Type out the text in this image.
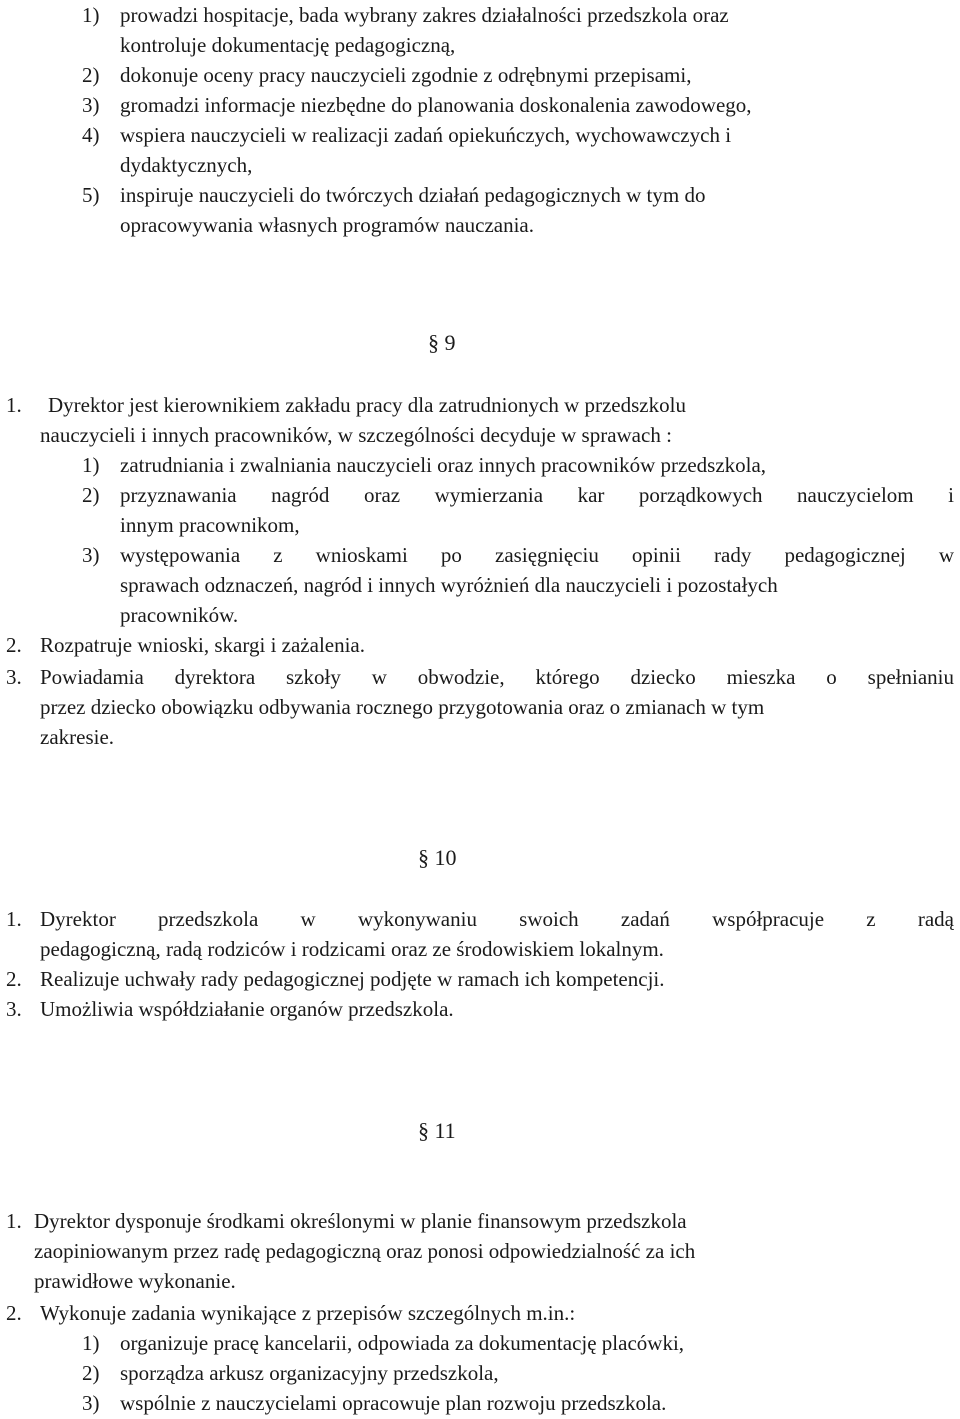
1) prowadzi hospitacje, bada wybrany zakres działalności przedszkola oraz
kontroluje dokumentację pedagogiczną,
2) dokonuje oceny pracy nauczycieli zgodnie z odrębnymi przepisami,
3) gromadzi informacje niezbędne do planowania doskonalenia zawodowego,
4) wspiera nauczycieli w realizacji zadań opiekuńczych, wychowawczych i
dydaktycznych,
5) inspiruje nauczycieli do twórczych działań pedagogicznych w tym do
opracowywania własnych programów nauczania.
§ 9
1. Dyrektor jest kierownikiem zakładu pracy dla zatrudnionych w przedszkolu
nauczycieli i innych pracowników, w szczególności decyduje w sprawach :
1) zatrudniania i zwalniania nauczycieli oraz innych pracowników przedszkola,
2) przyznawania nagród oraz wymierzania kar porządkowych nauczycielom i
innym pracownikom,
3) występowania z wnioskami po zasięgnięciu opinii rady pedagogicznej w
sprawach odznaczeń, nagród i innych wyróżnień dla nauczycieli i pozostałych
pracowników.
2. Rozpatruje wnioski, skargi i zażalenia.
3. Powiadamia dyrektora szkoły w obwodzie, którego dziecko mieszka o spełnianiu
przez dziecko obowiązku odbywania rocznego przygotowania oraz o zmianach w tym
zakresie.
§ 10
1. Dyrektor przedszkola w wykonywaniu swoich zadań współpracuje z radą
pedagogiczną, radą rodziców i rodzicami oraz ze środowiskiem lokalnym.
2. Realizuje uchwały rady pedagogicznej podjęte w ramach ich kompetencji.
3. Umożliwia współdziałanie organów przedszkola.
§ 11
1. Dyrektor dysponuje środkami określonymi w planie finansowym przedszkola
zaopiniowanym przez radę pedagogiczną oraz ponosi odpowiedzialność za ich
prawidłowe wykonanie.
2. Wykonuje zadania wynikające z przepisów szczególnych m.in.:
1) organizuje pracę kancelarii, odpowiada za dokumentację placówki,
2) sporządza arkusz organizacyjny przedszkola,
3) wspólnie z nauczycielami opracowuje plan rozwoju przedszkola.
